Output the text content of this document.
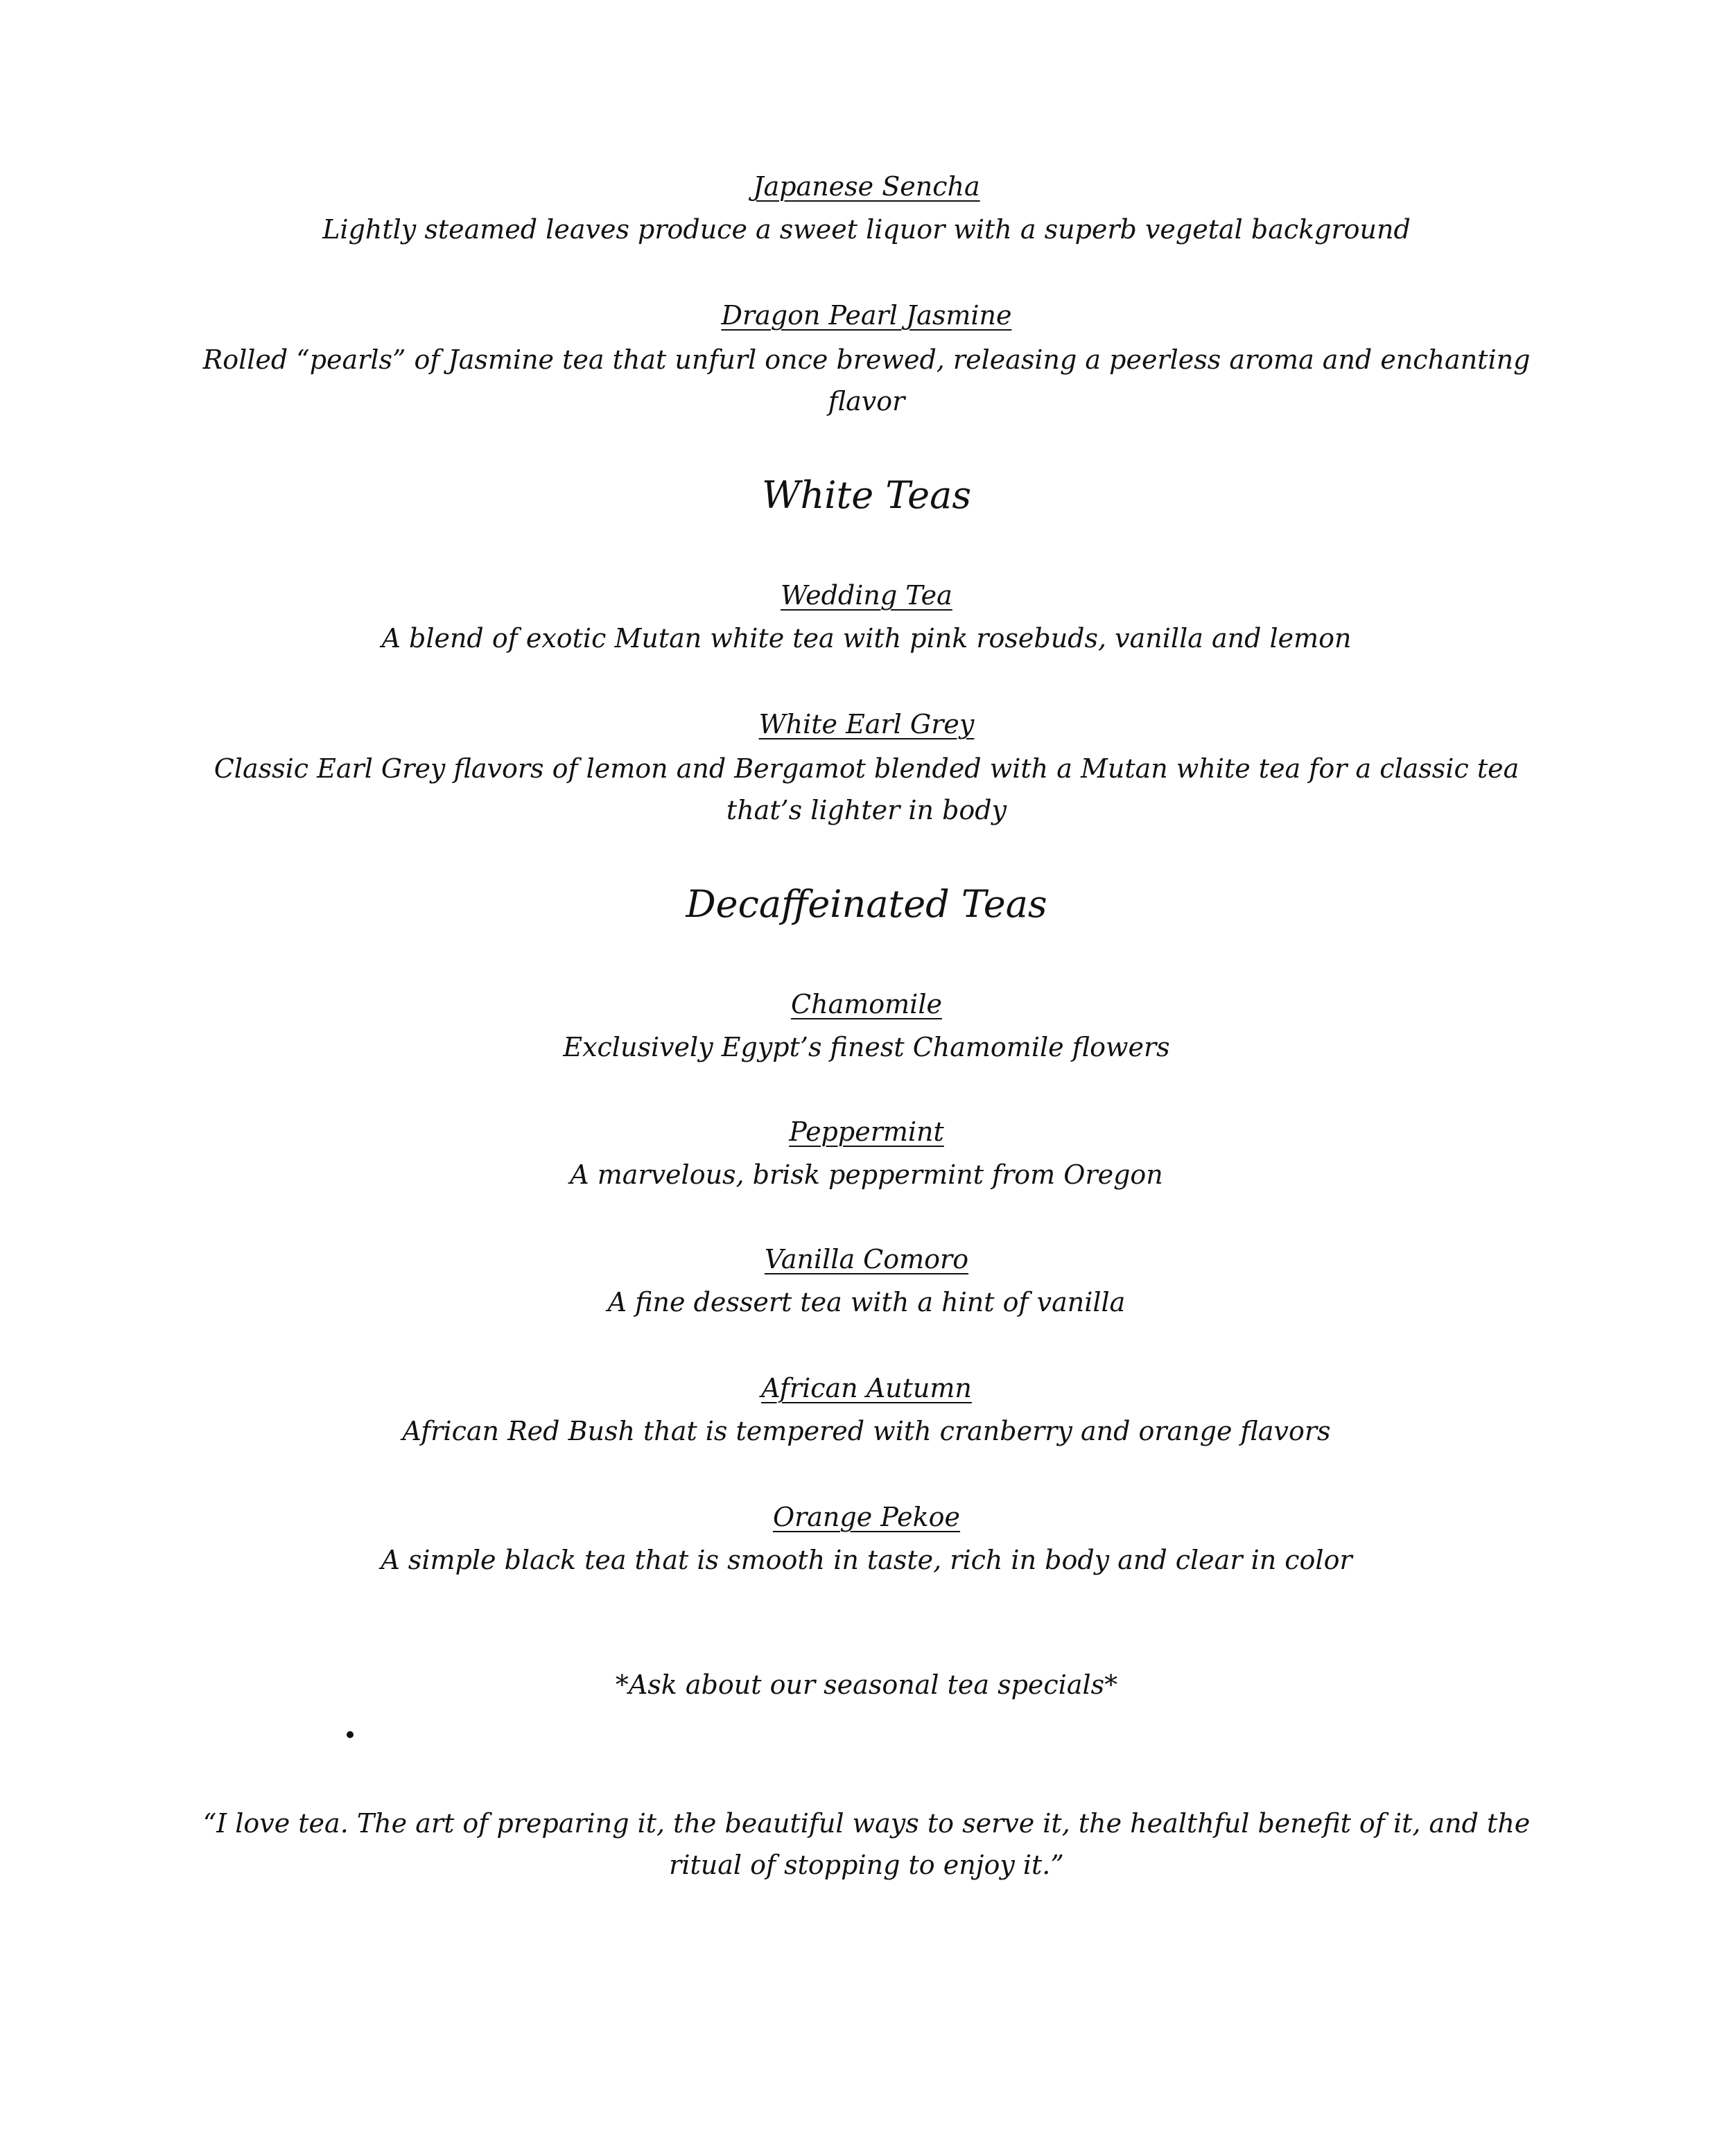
Japanese Sencha
Lightly steamed leaves produce a sweet liquor with a superb vegetal background
Dragon Pearl Jasmine
Rolled “pearls” of Jasmine tea that unfurl once brewed, releasing a peerless aroma and enchanting
flavor
White Teas
Wedding Tea
A blend of exotic Mutan white tea with pink rosebuds, vanilla and lemon
White Earl Grey
Classic Earl Grey flavors of lemon and Bergamot blended with a Mutan white tea for a classic tea
that’s lighter in body
Decaffeinated Teas
Chamomile
Exclusively Egypt’s finest Chamomile flowers
Peppermint
A marvelous, brisk peppermint from Oregon
Vanilla Comoro
A fine dessert tea with a hint of vanilla
African Autumn
African Red Bush that is tempered with cranberry and orange flavors
Orange Pekoe
A simple black tea that is smooth in taste, rich in body and clear in color
*Ask about our seasonal tea specials*
“I love tea. The art of preparing it, the beautiful ways to serve it, the healthful benefit of it, and the
ritual of stopping to enjoy it.”
